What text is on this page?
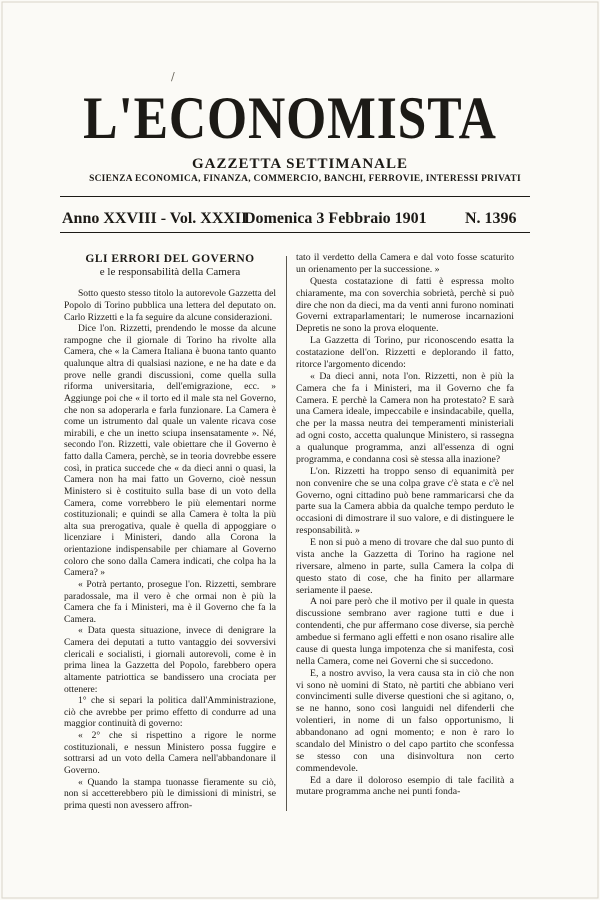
L'ECONOMISTA
GAZZETTA SETTIMANALE
SCIENZA ECONOMICA, FINANZA, COMMERCIO, BANCHI, FERROVIE, INTERESSI PRIVATI
Anno XXVIII - Vol. XXXII
Domenica 3 Febbraio 1901 N. 1396
GLI ERRORI DEL GOVERNO
e le responsabilità della Camera

Sotto questo stesso titolo la autorevole Gazzetta del Popolo di Torino pubblica una lettera del deputato on. Carlo Rizzetti e la fa seguire da alcune considerazioni.

Dice l'on. Rizzetti, prendendo le mosse da alcune rampogne che il giornale di Torino ha rivolte alla Camera, che « la Camera Italiana è buona tanto quanto qualunque altra di qualsiasi nazione, e ne ha date e da prove nelle grandi discussioni, come quella sulla riforma universitaria, dell'emigrazione, ecc. » Aggiunge poi che « il torto ed il male sta nel Governo, che non sa adoperarla e farla funzionare. La Camera è come un istrumento dal quale un valente ricava cose mirabili, e che un inetto sciupa insensatamente ». Né, secondo l'on. Rizzetti, vale obiettare che il Governo è fatto dalla Camera, perchè, se in teoria dovrebbe essere così, in pratica succede che « da dieci anni o quasi, la Camera non ha mai fatto un Governo, cioè nessun Ministero si è costituito sulla base di un voto della Camera, come vorrebbero le più elementari norme costituzionali; e quindi se alla Camera è tolta la più alta sua prerogativa, quale è quella di appoggiare o licenziare i Ministeri, dando alla Corona la orientazione indispensabile per chiamare al Governo coloro che sono dalla Camera indicati, che colpa ha la Camera? »

« Potrà pertanto, prosegue l'on. Rizzetti, sembrare paradossale, ma il vero è che ormai non è più la Camera che fa i Ministeri, ma è il Governo che fa la Camera.

« Data questa situazione, invece di denigrare la Camera dei deputati a tutto vantaggio dei sovversivi clericali e socialisti, i giornali autorevoli, come è in prima linea la Gazzetta del Popolo, farebbero opera altamente patriottica se bandissero una crociata per ottenere:

1° che si separi la politica dall'Amministrazione, ciò che avrebbe per primo effetto di condurre ad una maggior continuità di governo:

« 2° che si rispettino a rigore le norme costituzionali, e nessun Ministero possa fuggire e sottrarsi ad un voto della Camera nell'abbandonare il Governo.

« Quando la stampa tuonasse fieramente su ciò, non si accetterebbero più le dimissioni di ministri, se prima questi non avessero affron-

tato il verdetto della Camera e dal voto fosse scaturito un orienamento per la successione. »

Questa costatazione di fatti è espressa molto chiaramente, ma con soverchia sobrietà, perchè si può dire che non da dieci, ma da venti anni furono nominati Governi extraparlamentari; le numerose incarnazioni Depretis ne sono la prova eloquente.

La Gazzetta di Torino, pur riconoscendo esatta la costatazione dell'on. Rizzetti e deplorando il fatto, ritorce l'argomento dicendo:

« Da dieci anni, nota l'on. Rizzetti, non è più la Camera che fa i Ministeri, ma il Governo che fa Camera. E perchè la Camera non ha protestato? E sarà una Camera ideale, impeccabile e insindacabile, quella, che per la massa neutra dei temperamenti ministeriali ad ogni costo, accetta qualunque Ministero, si rassegna a qualunque programma, anzi all'essenza di ogni programma, e condanna così sè stessa alla inazione?

L'on. Rizzetti ha troppo senso di equanimità per non convenire che se una colpa grave c'è stata e c'è nel Governo, ogni cittadino può bene rammaricarsi che da parte sua la Camera abbia da qualche tempo perduto le occasioni di dimostrare il suo valore, e di distinguere le responsabilità. »

E non si può a meno di trovare che dal suo punto di vista anche la Gazzetta di Torino ha ragione nel riversare, almeno in parte, sulla Camera la colpa di questo stato di cose, che ha finito per allarmare seriamente il paese.

A noi pare però che il motivo per il quale in questa discussione sembrano aver ragione tutti e due i contendenti, che pur affermano cose diverse, sia perchè ambedue si fermano agli effetti e non osano risalire alle cause di questa lunga impotenza che si manifesta, così nella Camera, come nei Governi che si succedono.

E, a nostro avviso, la vera causa sta in ciò che non vi sono nè uomini di Stato, nè partiti che abbiano veri convincimenti sulle diverse questioni che si agitano, o, se ne hanno, sono così languidi nel difenderli che volentieri, in nome di un falso opportunismo, li abbandonano ad ogni momento; e non è raro lo scandalo del Ministro o del capo partito che sconfessa se stesso con una disinvoltura non certo commendevole.

Ed a dare il doloroso esempio di tale facilità a mutare programma anche nei punti fonda-

/
